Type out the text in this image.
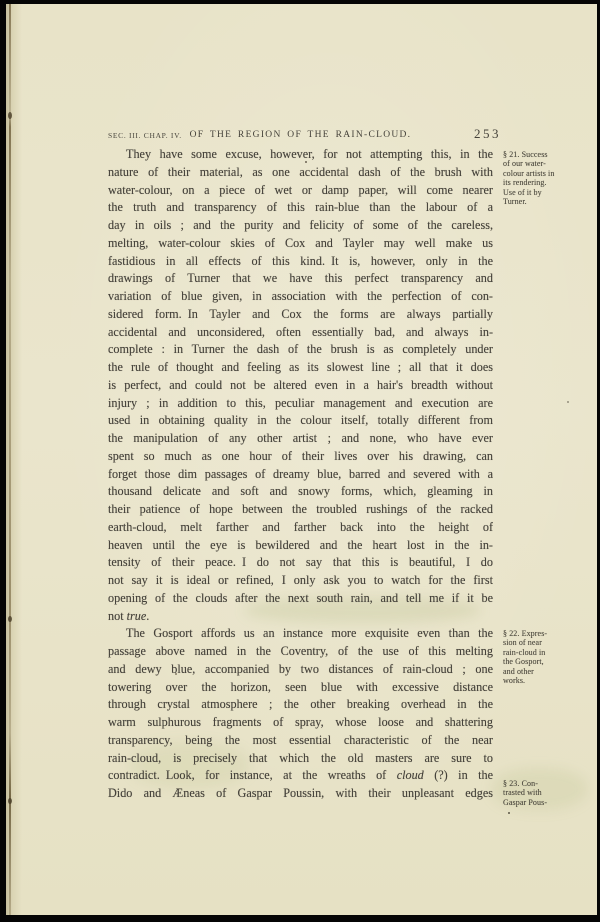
SEC. III. CHAP. IV. OF THE REGION OF THE RAIN-CLOUD.	253
They have some excuse, however, for not attempting this, in the
nature of their material, as one accidental dash of the brush with
water-colour, on a piece of wet or damp paper, will come nearer
the truth and transparency of this rain-blue than the labour of a
day in oils ; and the purity and felicity of some of the careless,
melting, water-colour skies of Cox and Tayler may well make us
fastidious in all effects of this kind. It is, however, only in the
drawings of Turner that we have this perfect transparency and
variation of blue given, in association with the perfection of con-
sidered form. In Tayler and Cox the forms are always partially
accidental and unconsidered, often essentially bad, and always in-
complete : in Turner the dash of the brush is as completely under
the rule of thought and feeling as its slowest line ; all that it does
is perfect, and could not be altered even in a hair's breadth without
injury ; in addition to this, peculiar management and execution are
used in obtaining quality in the colour itself, totally different from
the manipulation of any other artist ; and none, who have ever
spent so much as one hour of their lives over his drawing, can
forget those dim passages of dreamy blue, barred and severed with a
thousand delicate and soft and snowy forms, which, gleaming in
their patience of hope between the troubled rushings of the racked
earth-cloud, melt farther and farther back into the height of
heaven until the eye is bewildered and the heart lost in the in-
tensity of their peace. I do not say that this is beautiful, I do
not say it is ideal or refined, I only ask you to watch for the first
opening of the clouds after the next south rain, and tell me if it be
not true.
The Gosport affords us an instance more exquisite even than the
passage above named in the Coventry, of the use of this melting
and dewy blue, accompanied by two distances of rain-cloud ; one
towering over the horizon, seen blue with excessive distance
through crystal atmosphere ; the other breaking overhead in the
warm sulphurous fragments of spray, whose loose and shattering
transparency, being the most essential characteristic of the near
rain-cloud, is precisely that which the old masters are sure to
contradict. Look, for instance, at the wreaths of cloud (?) in the
Dido and Æneas of Gaspar Poussin, with their unpleasant edges
§ 21. Success
of our water-
colour artists in
its rendering.
Use of it by
Turner.
§ 22. Expres-
sion of near
rain-cloud in
the Gosport,
and other
works.
§ 23. Con-
trasted with
Gaspar Pous-
